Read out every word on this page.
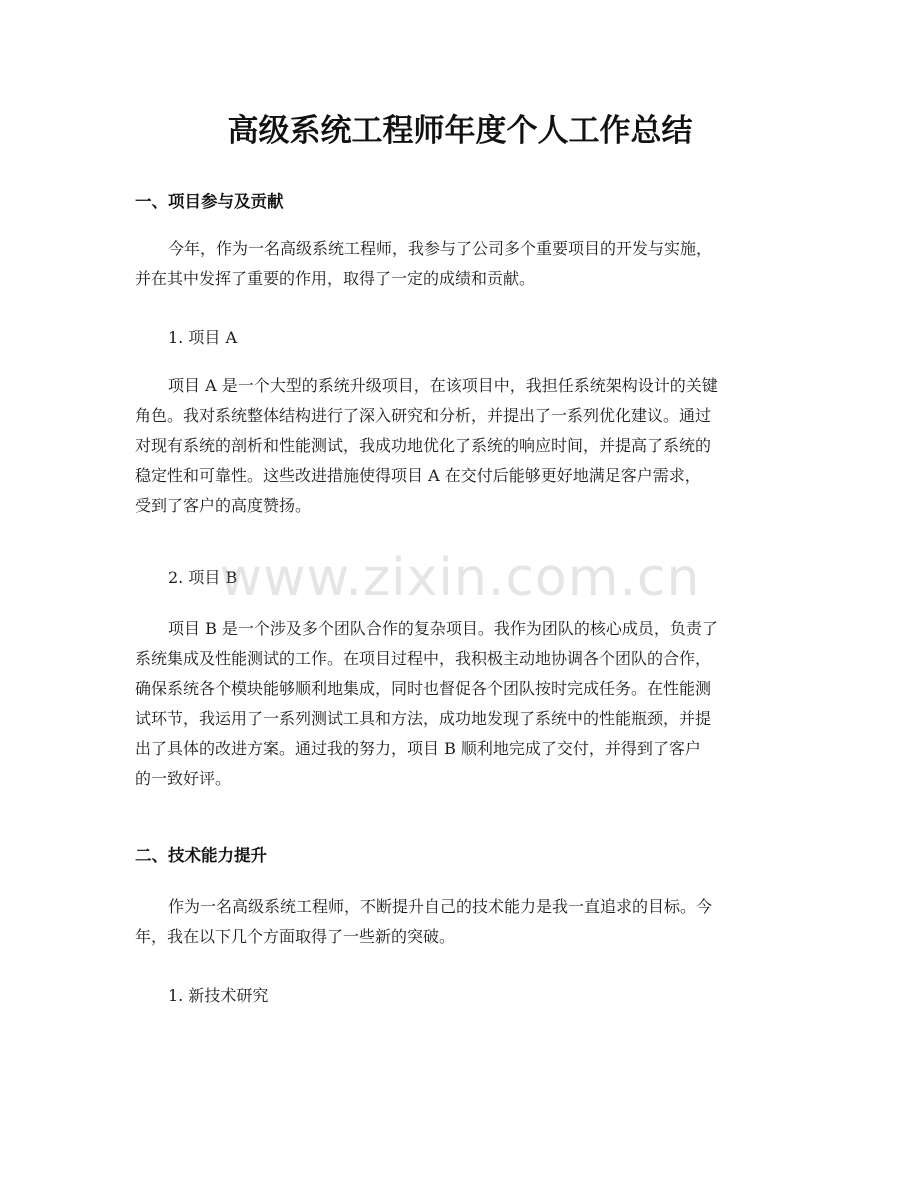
高级系统工程师年度个人工作总结
一、项目参与及贡献

今年，作为一名高级系统工程师，我参与了公司多个重要项目的开发与实施，
并在其中发挥了重要的作用，取得了一定的成绩和贡献。

1. 项目 A

项目 A 是一个大型的系统升级项目，在该项目中，我担任系统架构设计的关键
角色。我对系统整体结构进行了深入研究和分析，并提出了一系列优化建议。通过
对现有系统的剖析和性能测试，我成功地优化了系统的响应时间，并提高了系统的
稳定性和可靠性。这些改进措施使得项目 A 在交付后能够更好地满足客户需求，
受到了客户的高度赞扬。

2. 项目 B

项目 B 是一个涉及多个团队合作的复杂项目。我作为团队的核心成员，负责了
系统集成及性能测试的工作。在项目过程中，我积极主动地协调各个团队的合作，
确保系统各个模块能够顺利地集成，同时也督促各个团队按时完成任务。在性能测
试环节，我运用了一系列测试工具和方法，成功地发现了系统中的性能瓶颈，并提
出了具体的改进方案。通过我的努力，项目 B 顺利地完成了交付，并得到了客户
的一致好评。

二、技术能力提升

作为一名高级系统工程师，不断提升自己的技术能力是我一直追求的目标。今
年，我在以下几个方面取得了一些新的突破。

1. 新技术研究

www.zixin.com.cn
